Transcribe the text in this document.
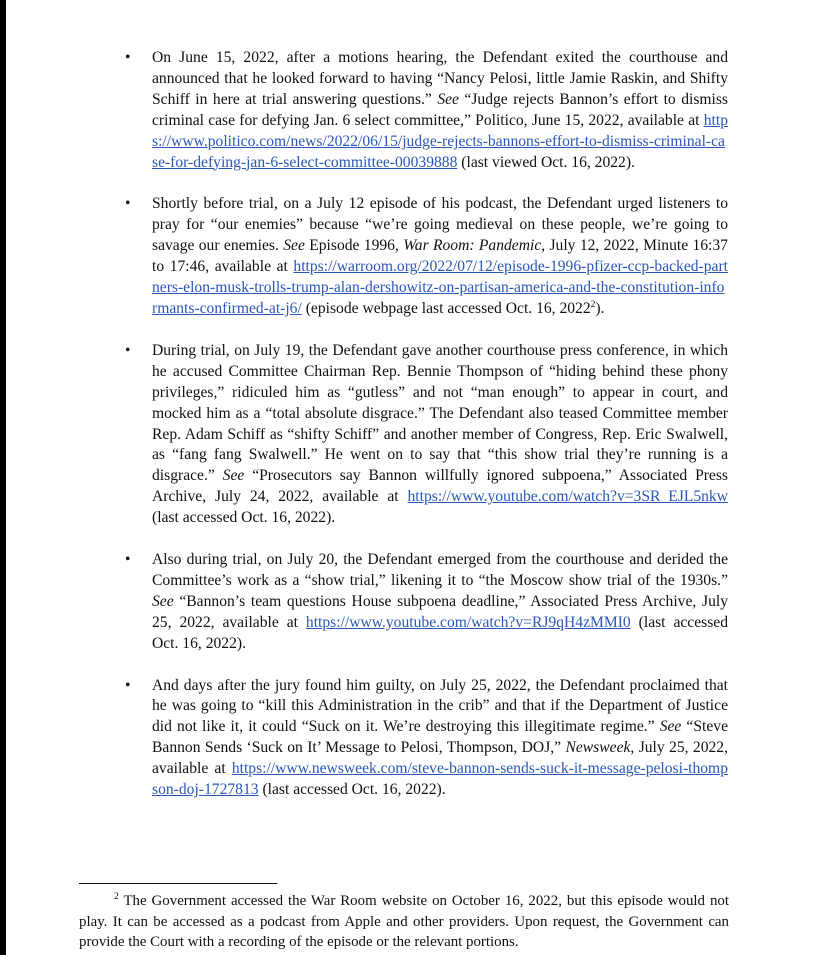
• On June 15, 2022, after a motions hearing, the Defendant exited the courthouse and announced that he looked forward to having “Nancy Pelosi, little Jamie Raskin, and Shifty Schiff in here at trial answering questions.” See “Judge rejects Bannon’s effort to dismiss criminal case for defying Jan. 6 select committee,” Politico, June 15, 2022, available at https://www.politico.com/news/2022/06/15/judge-rejects-bannons-effort-to-dismiss-criminal-case-for-defying-jan-6-select-committee-00039888 (last viewed Oct. 16, 2022).
• Shortly before trial, on a July 12 episode of his podcast, the Defendant urged listeners to pray for “our enemies” because “we’re going medieval on these people, we’re going to savage our enemies. See Episode 1996, War Room: Pandemic, July 12, 2022, Minute 16:37 to 17:46, available at https://warroom.org/2022/07/12/episode-1996-pfizer-ccp-backed-partners-elon-musk-trolls-trump-alan-dershowitz-on-partisan-america-and-the-constitution-informants-confirmed-at-j6/ (episode webpage last accessed Oct. 16, 2022$^2$).
• During trial, on July 19, the Defendant gave another courthouse press conference, in which he accused Committee Chairman Rep. Bennie Thompson of “hiding behind these phony privileges,” ridiculed him as “gutless” and not “man enough” to appear in court, and mocked him as a “total absolute disgrace.” The Defendant also teased Committee member Rep. Adam Schiff as “shifty Schiff” and another member of Congress, Rep. Eric Swalwell, as “fang fang Swalwell.” He went on to say that “this show trial they’re running is a disgrace.” See “Prosecutors say Bannon willfully ignored subpoena,” Associated Press Archive, July 24, 2022, available at https://www.youtube.com/watch?v=3SR_EJL5nkw (last accessed Oct. 16, 2022).
• Also during trial, on July 20, the Defendant emerged from the courthouse and derided the Committee’s work as a “show trial,” likening it to “the Moscow show trial of the 1930s.” See “Bannon’s team questions House subpoena deadline,” Associated Press Archive, July 25, 2022, available at https://www.youtube.com/watch?v=RJ9qH4zMMI0 (last accessed Oct. 16, 2022).
• And days after the jury found him guilty, on July 25, 2022, the Defendant proclaimed that he was going to “kill this Administration in the crib” and that if the Department of Justice did not like it, it could “Suck on it. We’re destroying this illegitimate regime.” See “Steve Bannon Sends ‘Suck on It’ Message to Pelosi, Thompson, DOJ,” Newsweek, July 25, 2022, available at https://www.newsweek.com/steve-bannon-sends-suck-it-message-pelosi-thompson-doj-1727813 (last accessed Oct. 16, 2022).
$^2$ The Government accessed the War Room website on October 16, 2022, but this episode would not play. It can be accessed as a podcast from Apple and other providers. Upon request, the Government can provide the Court with a recording of the episode or the relevant portions.
